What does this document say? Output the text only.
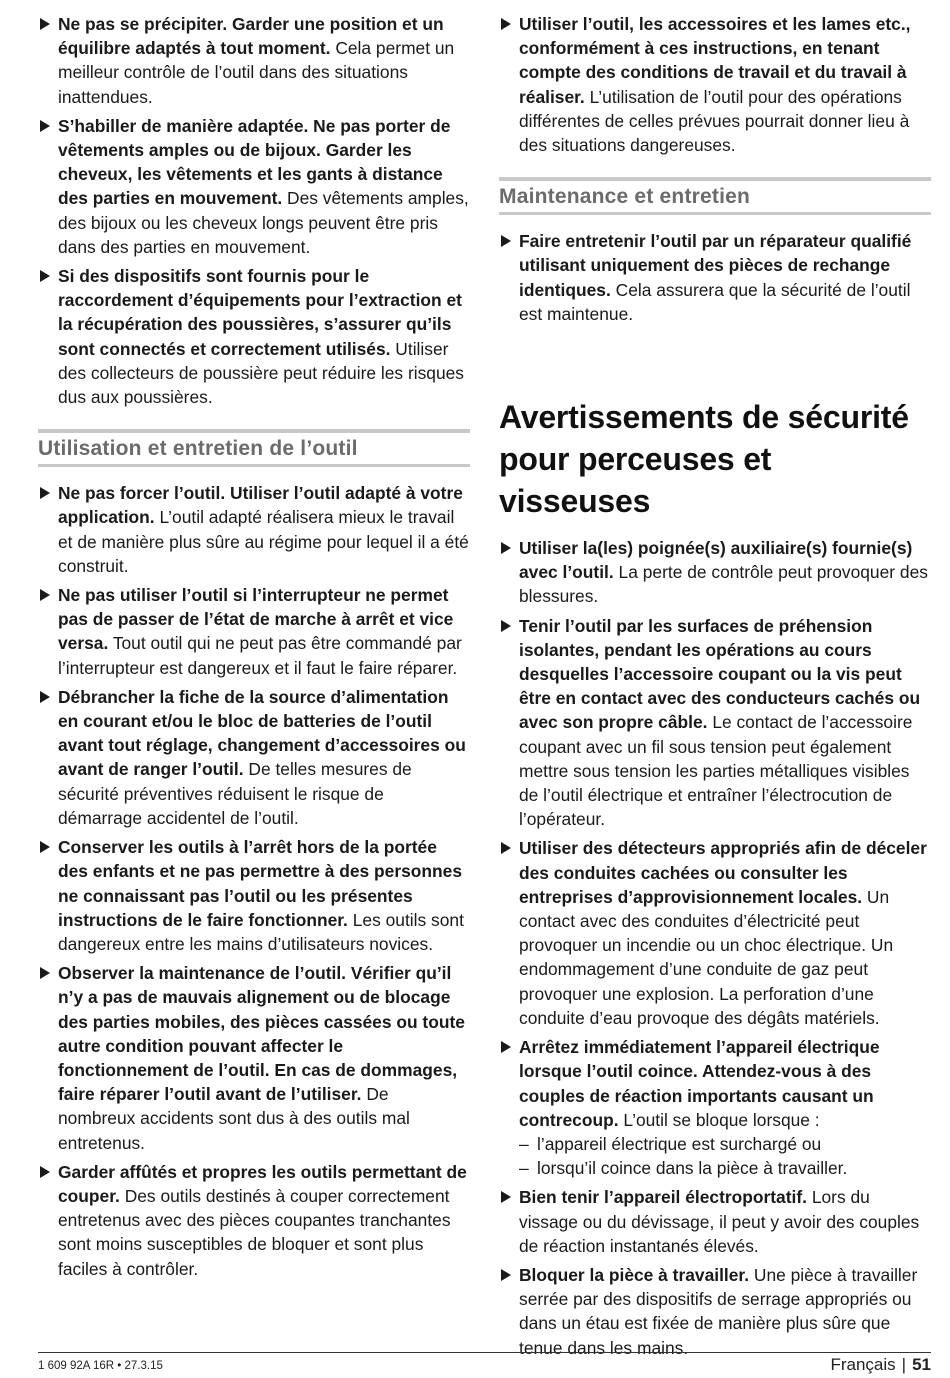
Ne pas se précipiter. Garder une position et un équilibre adaptés à tout moment. Cela permet un meilleur contrôle de l’outil dans des situations inattendues.
S’habiller de manière adaptée. Ne pas porter de vêtements amples ou de bijoux. Garder les cheveux, les vêtements et les gants à distance des parties en mouvement. Des vêtements amples, des bijoux ou les cheveux longs peuvent être pris dans des parties en mouvement.
Si des dispositifs sont fournis pour le raccordement d’équipements pour l’extraction et la récupération des poussières, s’assurer qu’ils sont connectés et correctement utilisés. Utiliser des collecteurs de poussière peut réduire les risques dus aux poussières.
Utilisation et entretien de l’outil
Ne pas forcer l’outil. Utiliser l’outil adapté à votre application. L’outil adapté réalisera mieux le travail et de manière plus sûre au régime pour lequel il a été construit.
Ne pas utiliser l’outil si l’interrupteur ne permet pas de passer de l’état de marche à arrêt et vice versa. Tout outil qui ne peut pas être commandé par l’interrupteur est dangereux et il faut le faire réparer.
Débrancher la fiche de la source d’alimentation en courant et/ou le bloc de batteries de l’outil avant tout réglage, changement d’accessoires ou avant de ranger l’outil. De telles mesures de sécurité préventives réduisent le risque de démarrage accidentel de l’outil.
Conserver les outils à l’arrêt hors de la portée des enfants et ne pas permettre à des personnes ne connaissant pas l’outil ou les présentes instructions de le faire fonctionner. Les outils sont dangereux entre les mains d’utilisateurs novices.
Observer la maintenance de l’outil. Vérifier qu’il n’y a pas de mauvais alignement ou de blocage des parties mobiles, des pièces cassées ou toute autre condition pouvant affecter le fonctionnement de l’outil. En cas de dommages, faire réparer l’outil avant de l’utiliser. De nombreux accidents sont dus à des outils mal entretenus.
Garder affûtés et propres les outils permettant de couper. Des outils destinés à couper correctement entretenus avec des pièces coupantes tranchantes sont moins susceptibles de bloquer et sont plus faciles à contrôler.
Utiliser l’outil, les accessoires et les lames etc., conformément à ces instructions, en tenant compte des conditions de travail et du travail à réaliser. L’utilisation de l’outil pour des opérations différentes de celles prévues pourrait donner lieu à des situations dangereuses.
Maintenance et entretien
Faire entretenir l’outil par un réparateur qualifié utilisant uniquement des pièces de rechange identiques. Cela assurera que la sécurité de l’outil est maintenue.
Avertissements de sécurité pour perceuses et visseuses
Utiliser la(les) poignée(s) auxiliaire(s) fournie(s) avec l’outil. La perte de contrôle peut provoquer des blessures.
Tenir l’outil par les surfaces de préhension isolantes, pendant les opérations au cours desquelles l’accessoire coupant ou la vis peut être en contact avec des conducteurs cachés ou avec son propre câble. Le contact de l’accessoire coupant avec un fil sous tension peut également mettre sous tension les parties métalliques visibles de l’outil électrique et entraîner l’électrocution de l’opérateur.
Utiliser des détecteurs appropriés afin de déceler des conduites cachées ou consulter les entreprises d’approvisionnement locales. Un contact avec des conduites d’électricité peut provoquer un incendie ou un choc électrique. Un endommagement d’une conduite de gaz peut provoquer une explosion. La perforation d’une conduite d’eau provoque des dégâts matériels.
Arrêtez immédiatement l’appareil électrique lorsque l’outil coince. Attendez-vous à des couples de réaction importants causant un contrecoup. L’outil se bloque lorsque :
– l’appareil électrique est surchargé ou
– lorsqu’il coince dans la pièce à travailler.
Bien tenir l’appareil électroportatif. Lors du vissage ou du dévissage, il peut y avoir des couples de réaction instantanés élevés.
Bloquer la pièce à travailler. Une pièce à travailler serrée par des dispositifs de serrage appropriés ou dans un étau est fixée de manière plus sûre que tenue dans les mains.
1 609 92A 16R • 27.3.15	Français | 51
